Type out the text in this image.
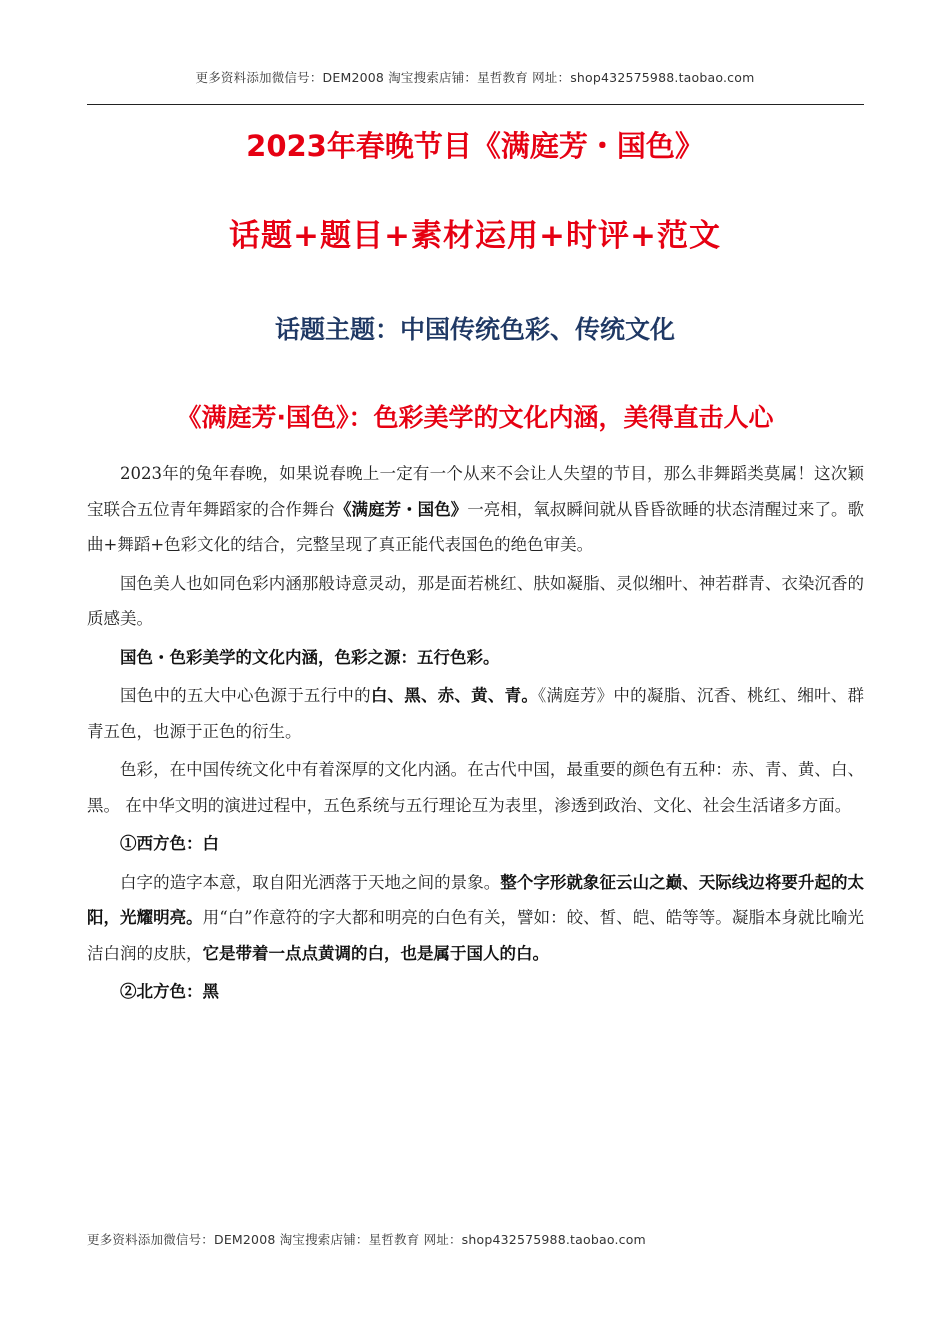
更多资料添加微信号：DEM2008 淘宝搜索店铺：星哲教育 网址：shop432575988.taobao.com
2023年春晚节目《满庭芳・国色》
话题+题目+素材运用+时评+范文
话题主题：中国传统色彩、传统文化
《满庭芳·国色》：色彩美学的文化内涵，美得直击人心

2023年的兔年春晚，如果说春晚上一定有一个从来不会让人失望的节目，那么非舞蹈类莫属！这次颖宝联合五位青年舞蹈家的合作舞台《满庭芳・国色》一亮相，氧叔瞬间就从昏昏欲睡的状态清醒过来了。歌曲+舞蹈+色彩文化的结合，完整呈现了真正能代表国色的绝色审美。

国色美人也如同色彩内涵那般诗意灵动，那是面若桃红、肤如凝脂、灵似缃叶、神若群青、衣染沉香的质感美。

国色・色彩美学的文化内涵，色彩之源：五行色彩。

国色中的五大中心色源于五行中的白、黑、赤、黄、青。《满庭芳》中的凝脂、沉香、桃红、缃叶、群青五色，也源于正色的衍生。

色彩，在中国传统文化中有着深厚的文化内涵。在古代中国，最重要的颜色有五种：赤、青、黄、白、黑。 在中华文明的演进过程中，五色系统与五行理论互为表里，渗透到政治、文化、社会生活诸多方面。

①西方色：白

白字的造字本意，取自阳光洒落于天地之间的景象。整个字形就象征云山之巅、天际线边将要升起的太阳，光耀明亮。用“白”作意符的字大都和明亮的白色有关，譬如：皎、皙、皑、皓等等。凝脂本身就比喻光洁白润的皮肤，它是带着一点点黄调的白，也是属于国人的白。

②北方色：黑

更多资料添加微信号：DEM2008 淘宝搜索店铺：星哲教育 网址：shop432575988.taobao.com
